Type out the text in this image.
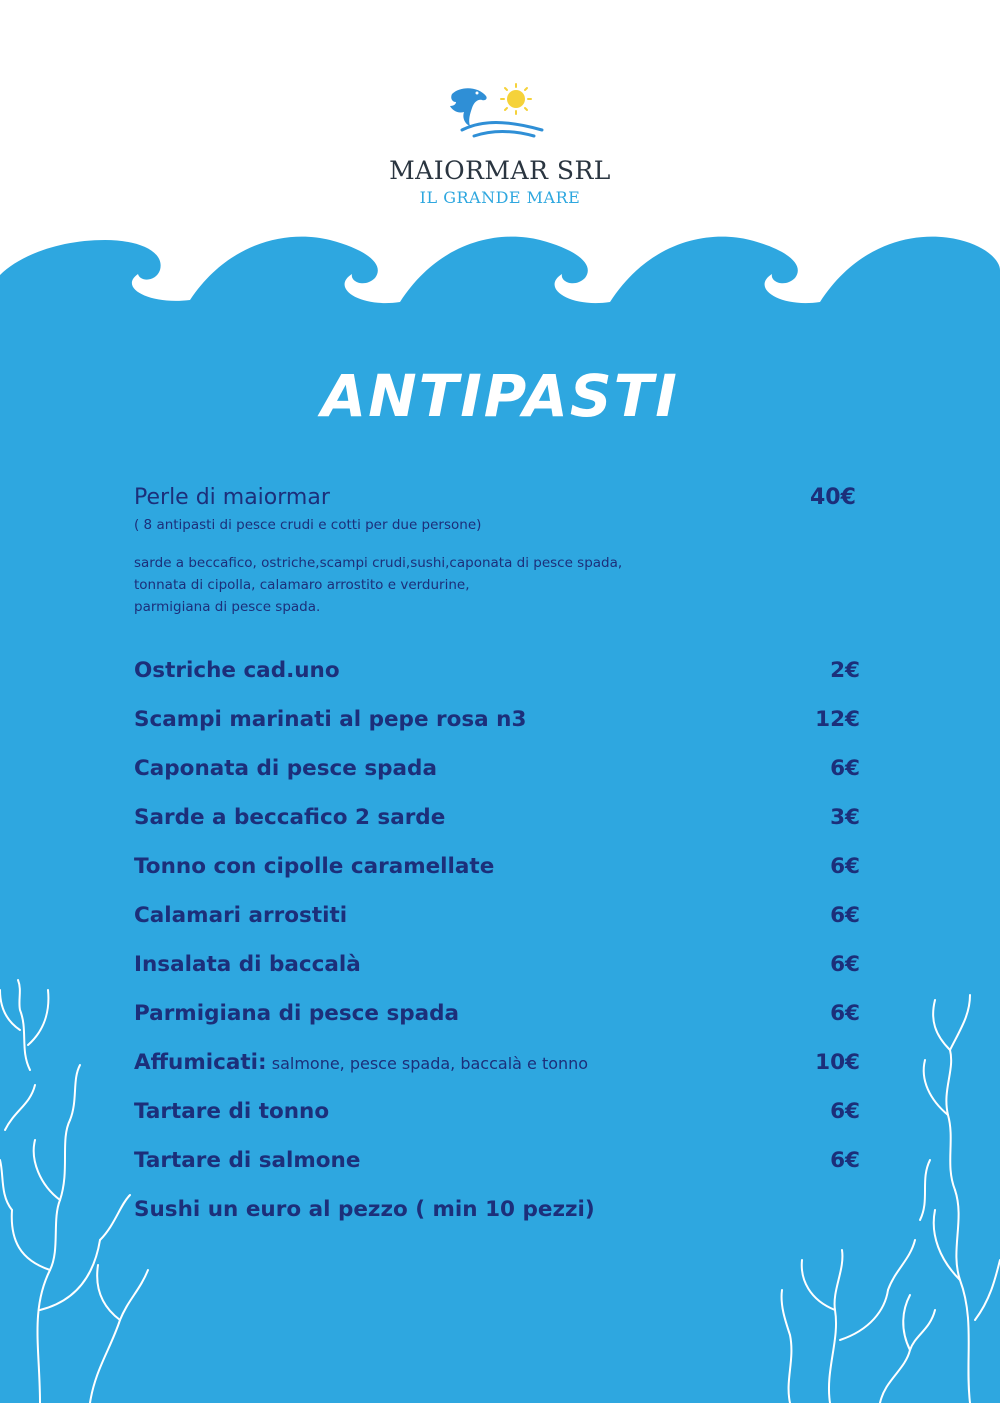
MAIORMAR SRL
IL GRANDE MARE
ANTIPASTI
Perle di maiormar	40€
( 8 antipasti di pesce crudi e cotti per due persone)
sarde a beccafico, ostriche,scampi crudi,sushi,caponata di pesce spada,
tonnata di cipolla, calamaro arrostito e verdurine,
parmigiana di pesce spada.
Ostriche cad.uno	2€
Scampi marinati al pepe rosa n3	12€
Caponata di pesce spada	6€
Sarde a beccafico 2 sarde	3€
Tonno con cipolle caramellate	6€
Calamari arrostiti	6€
Insalata di baccalà	6€
Parmigiana di pesce spada	6€
Affumicati: salmone, pesce spada, baccalà e tonno	10€
Tartare di tonno	6€
Tartare di salmone	6€
Sushi un euro al pezzo ( min 10 pezzi)
